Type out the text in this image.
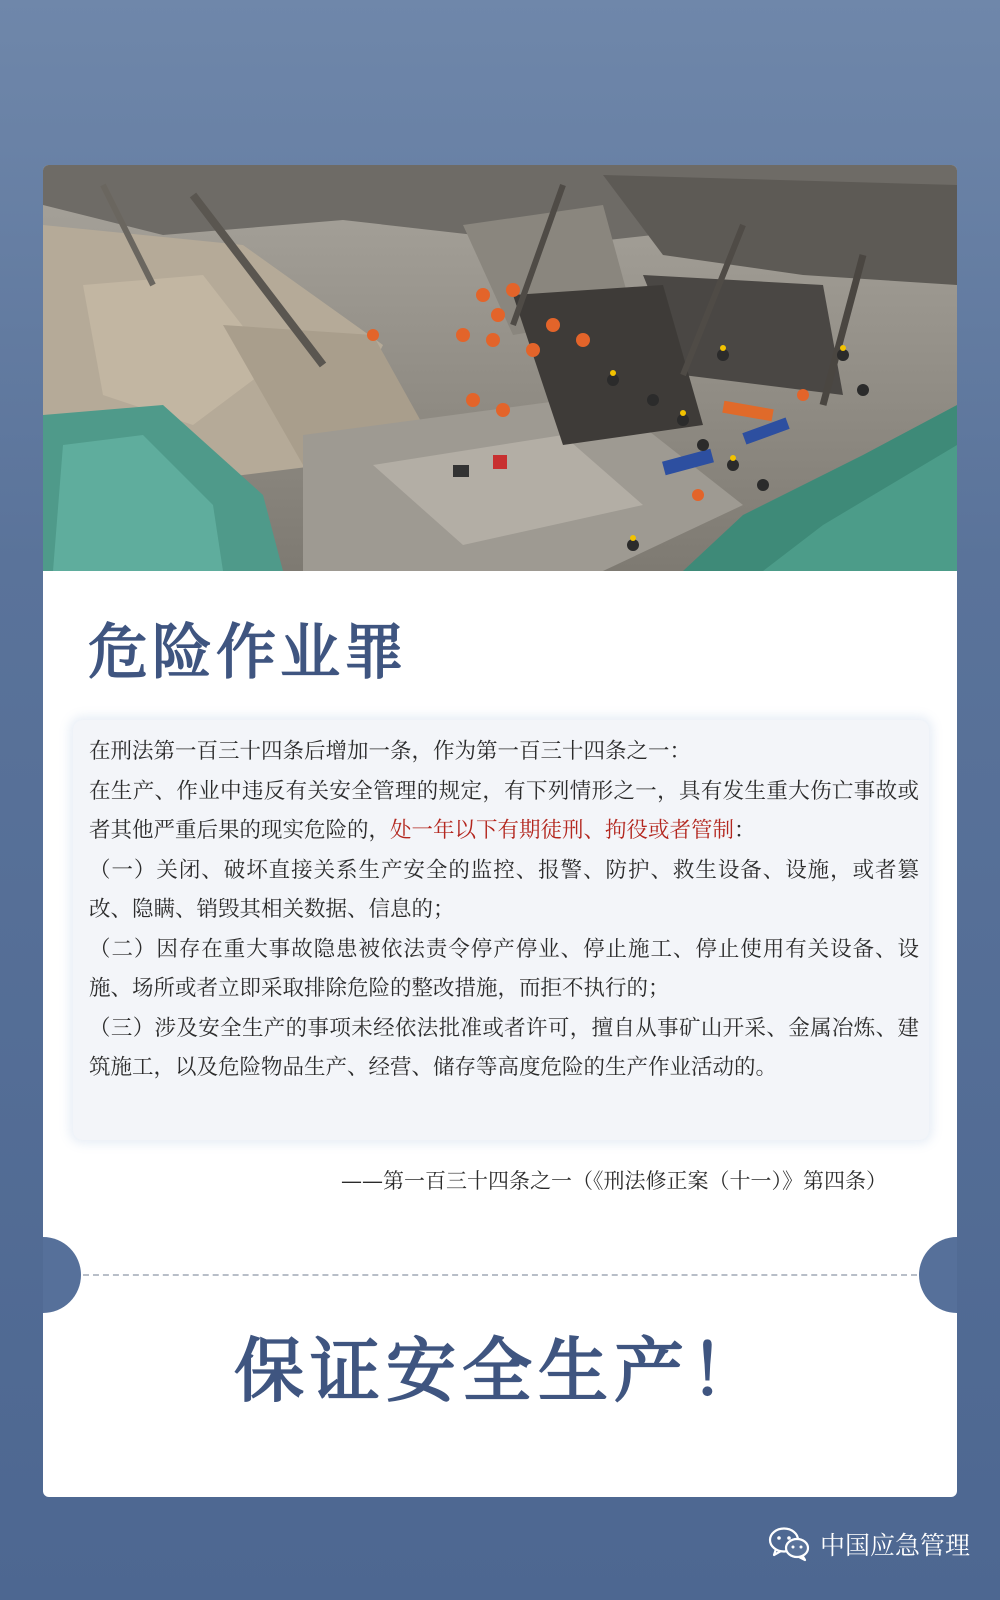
危险作业罪

在刑法第一百三十四条后增加一条，作为第一百三十四条之一：

在生产、作业中违反有关安全管理的规定，有下列情形之一，具有发生重大伤亡事故或者其他严重后果的现实危险的，处一年以下有期徒刑、拘役或者管制：

（一）关闭、破坏直接关系生产安全的监控、报警、防护、救生设备、设施，或者篡改、隐瞒、销毁其相关数据、信息的；

（二）因存在重大事故隐患被依法责令停产停业、停止施工、停止使用有关设备、设施、场所或者立即采取排除危险的整改措施，而拒不执行的；

（三）涉及安全生产的事项未经依法批准或者许可，擅自从事矿山开采、金属冶炼、建筑施工，以及危险物品生产、经营、储存等高度危险的生产作业活动的。

——第一百三十四条之一（《刑法修正案（十一）》第四条）
保证安全生产！
中国应急管理
